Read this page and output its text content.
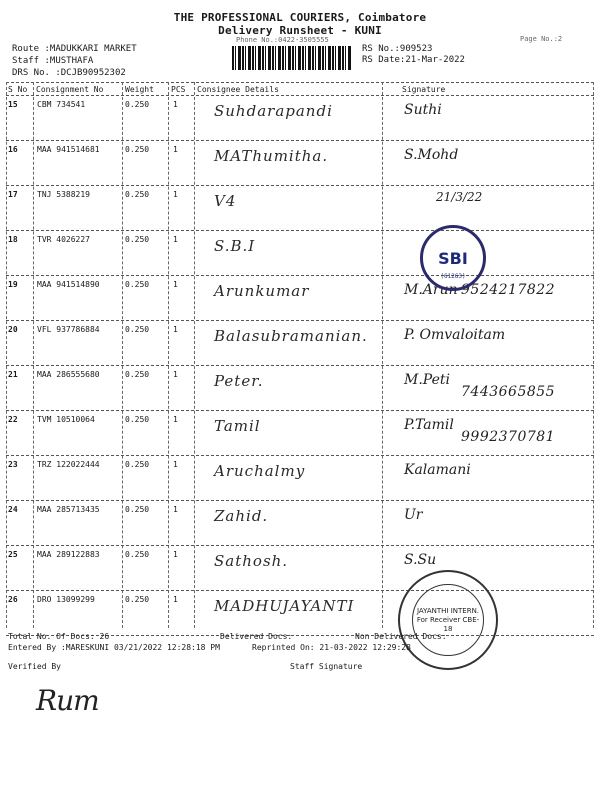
THE PROFESSIONAL COURIERS, Coimbatore
Delivery Runsheet - KUNI
Phone No.:0422-3505555	Page No.:2
Route :MADUKKARI MARKET
Staff :MUSTHAFA
DRS No. :DCJB90952302
RS No.:909523
RS Date:21-Mar-2022
S No Consignment No	Weight PCS Consignee Details	Signature
15 CBM 734541	0.250	1 Suhdarapandi	Suthi
16 MAA 941514681	0.250	1 MAThumitha.	S.Mohd
17 TNJ 5388219	0.250	1 V4	21/3/22
18 TVR 4026227	0.250	1 S.B.I
19 MAA 941514890	0.250	1 Arunkumar	M.Arun 9524217822
20 VFL 937786884	0.250	1 Balasubramanian.	P. Omvaloitam
21 MAA 286555680	0.250	1 Peter.	M.Peti
7443665855
22 TVM 10510064	0.250	1 Tamil	P.Tamil
9992370781
23 TRZ 122022444	0.250	1 Aruchalmy	Kalamani
24 MAA 285713435	0.250	1 Zahid.	Ur
25 MAA 289122883	0.250	1 Sathosh.	S.Su
26 DRO 13099299	0.250	1 MADHUJAYANTI
SBI
(61263)
JAYANTHI INTERN. For Receiver CBE-18
Total No. Of Docs: 26	Delivered Docs:	Non Delivered Docs:
Entered By :MARESKUNI 03/21/2022 12:28:18 PM	Reprinted On: 21-03-2022 12:29:28
Verified By	Staff Signature
Rum
